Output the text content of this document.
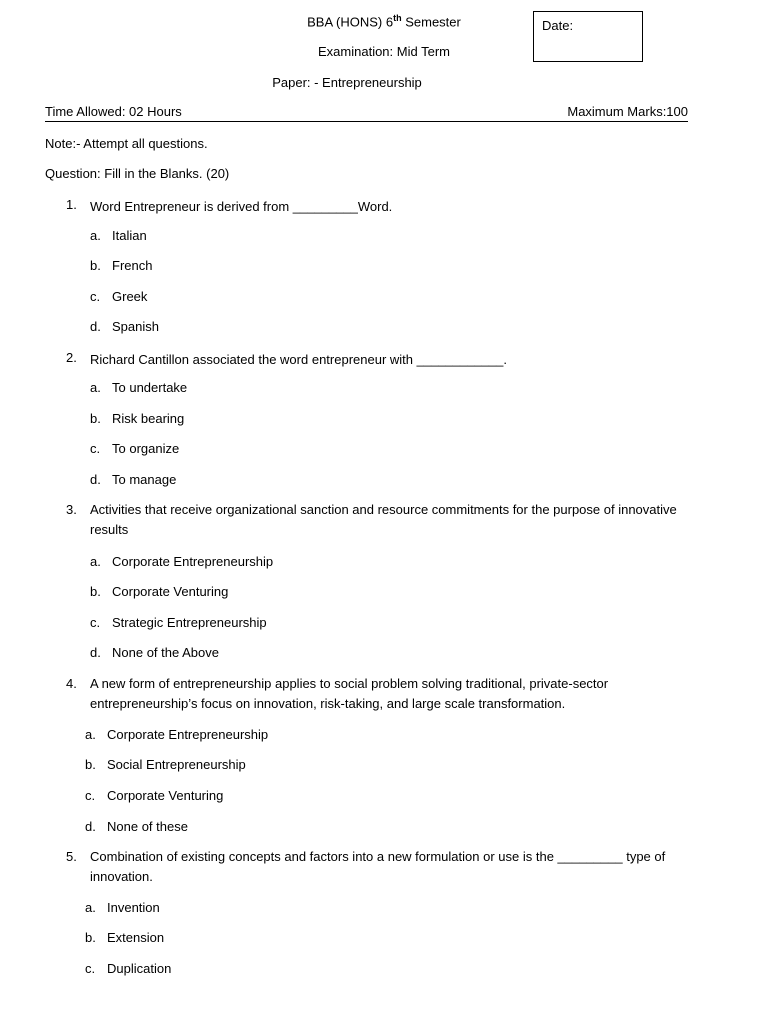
BBA (HONS) 6th Semester
Examination: Mid Term
Paper: - Entrepreneurship
Date:
Time Allowed: 02 Hours	Maximum Marks:100
Note:- Attempt all questions.
Question: Fill in the Blanks. (20)
1. Word Entrepreneur is derived from _________Word.
a. Italian
b. French
c. Greek
d. Spanish
2. Richard Cantillon associated the word entrepreneur with ____________.
a. To undertake
b. Risk bearing
c. To organize
d. To manage
3. Activities that receive organizational sanction and resource commitments for the purpose of innovative results
a. Corporate Entrepreneurship
b. Corporate Venturing
c. Strategic Entrepreneurship
d. None of the Above
4. A new form of entrepreneurship applies to social problem solving traditional, private-sector entrepreneurship’s focus on innovation, risk-taking, and large scale transformation.
a. Corporate Entrepreneurship
b. Social Entrepreneurship
c. Corporate Venturing
d. None of these
5. Combination of existing concepts and factors into a new formulation or use is the _________ type of innovation.
a. Invention
b. Extension
c. Duplication
